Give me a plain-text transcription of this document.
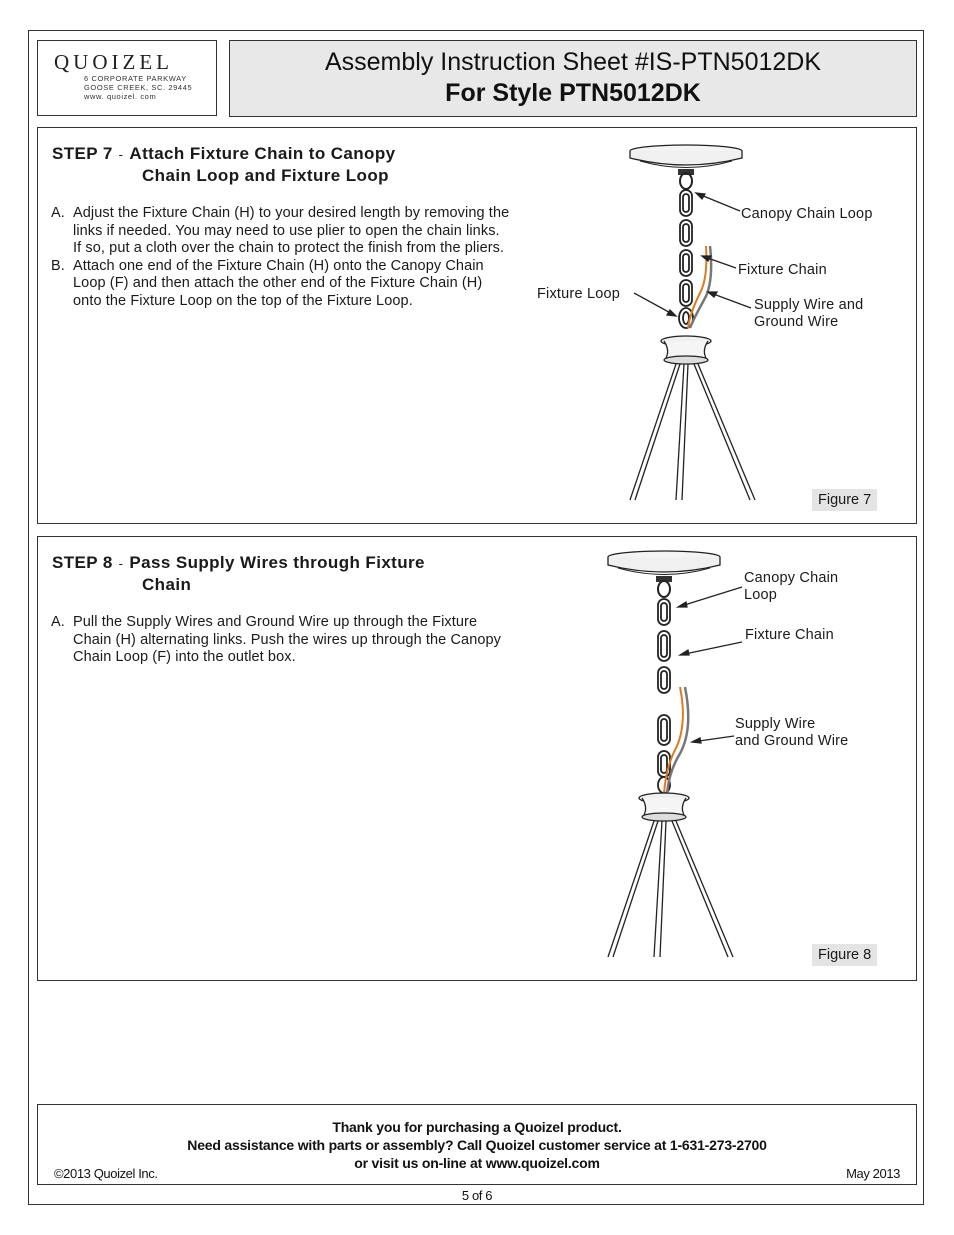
QUOIZEL
6 CORPORATE PARKWAY
GOOSE CREEK, SC. 29445
www. quoizel. com
Assembly Instruction Sheet #IS-PTN5012DK
For Style PTN5012DK
STEP 7 - Attach Fixture Chain to Canopy
Chain Loop and Fixture Loop
A. Adjust the Fixture Chain (H) to your desired length by removing the links if needed. You may need to use plier to open the chain links. If so, put a cloth over the chain to protect the finish from the pliers.
B. Attach one end of the Fixture Chain (H) onto the Canopy Chain Loop (F) and then attach the other end of the Fixture Chain (H) onto the Fixture Loop on the top of the Fixture Loop.
Canopy Chain Loop
Fixture Chain
Fixture Loop
Supply Wire and
Ground Wire
Figure 7
STEP 8 - Pass Supply Wires through Fixture
Chain
A. Pull the Supply Wires and Ground Wire up through the Fixture Chain (H) alternating links. Push the wires up through the Canopy Chain Loop (F) into the outlet box.
Canopy Chain
Loop
Fixture Chain
Supply Wire
and Ground Wire
Figure 8
Thank you for purchasing a Quoizel product.
Need assistance with parts or assembly? Call Quoizel customer service at 1-631-273-2700
or visit us on-line at www.quoizel.com
©2013 Quoizel Inc.	May 2013
5 of 6
